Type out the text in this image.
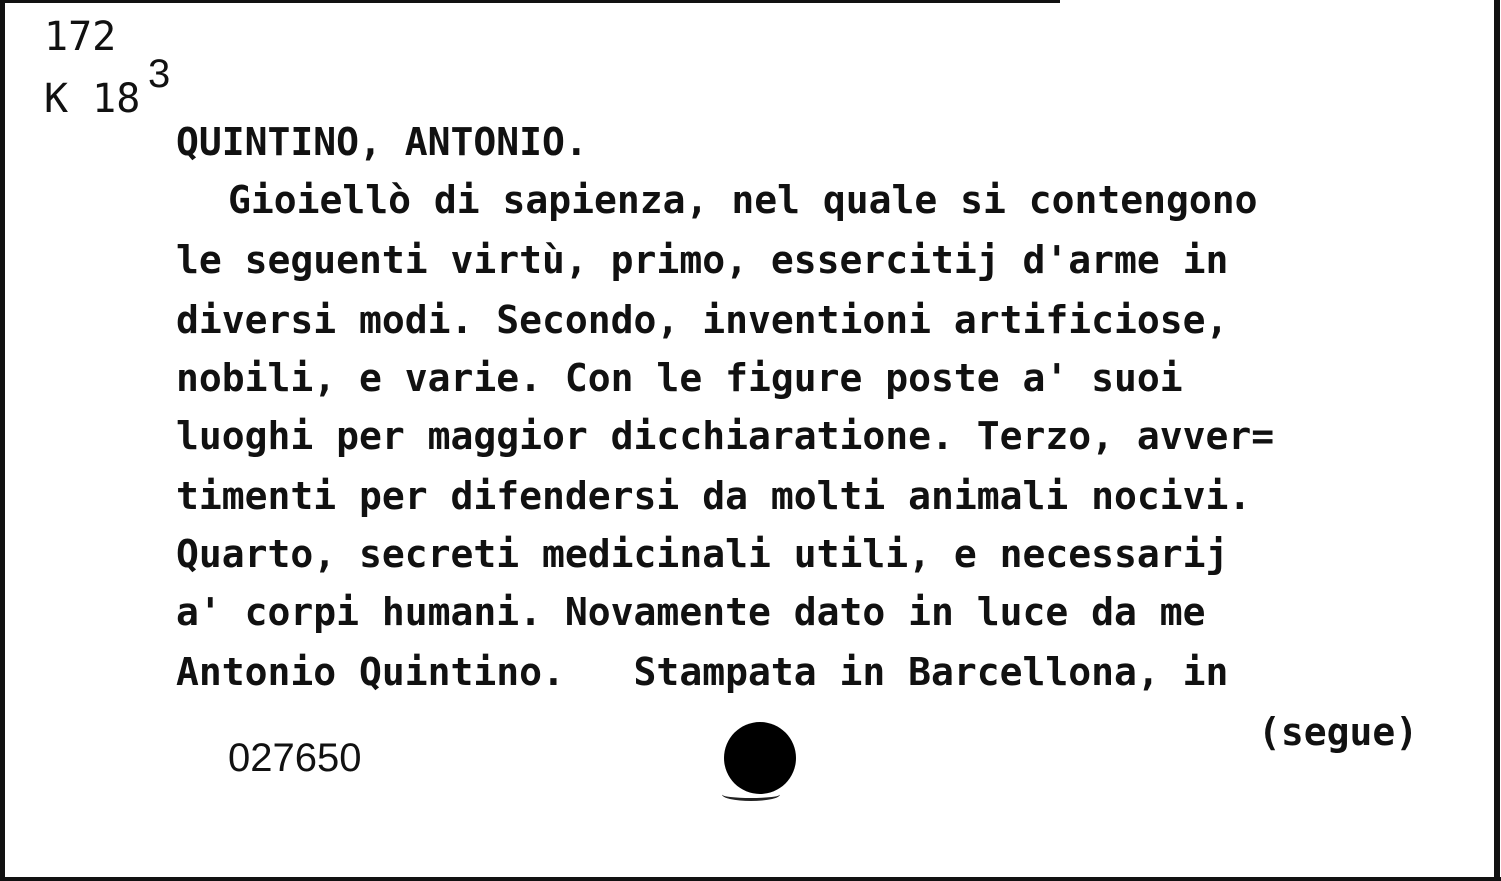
172
K 18
3
QUINTINO, ANTONIO.
Gioiellò di sapienza, nel quale si contengono
le seguenti virtù, primo, essercitij d'arme in
diversi modi. Secondo, inventioni artificiose,
nobili, e varie. Con le figure poste a' suoi
luoghi per maggior dicchiaratione. Terzo, avver=
timenti per difendersi da molti animali nocivi.
Quarto, secreti medicinali utili, e necessarij
a' corpi humani. Novamente dato in luce da me
Antonio Quintino.   Stampata in Barcellona, in
027650
(segue)
